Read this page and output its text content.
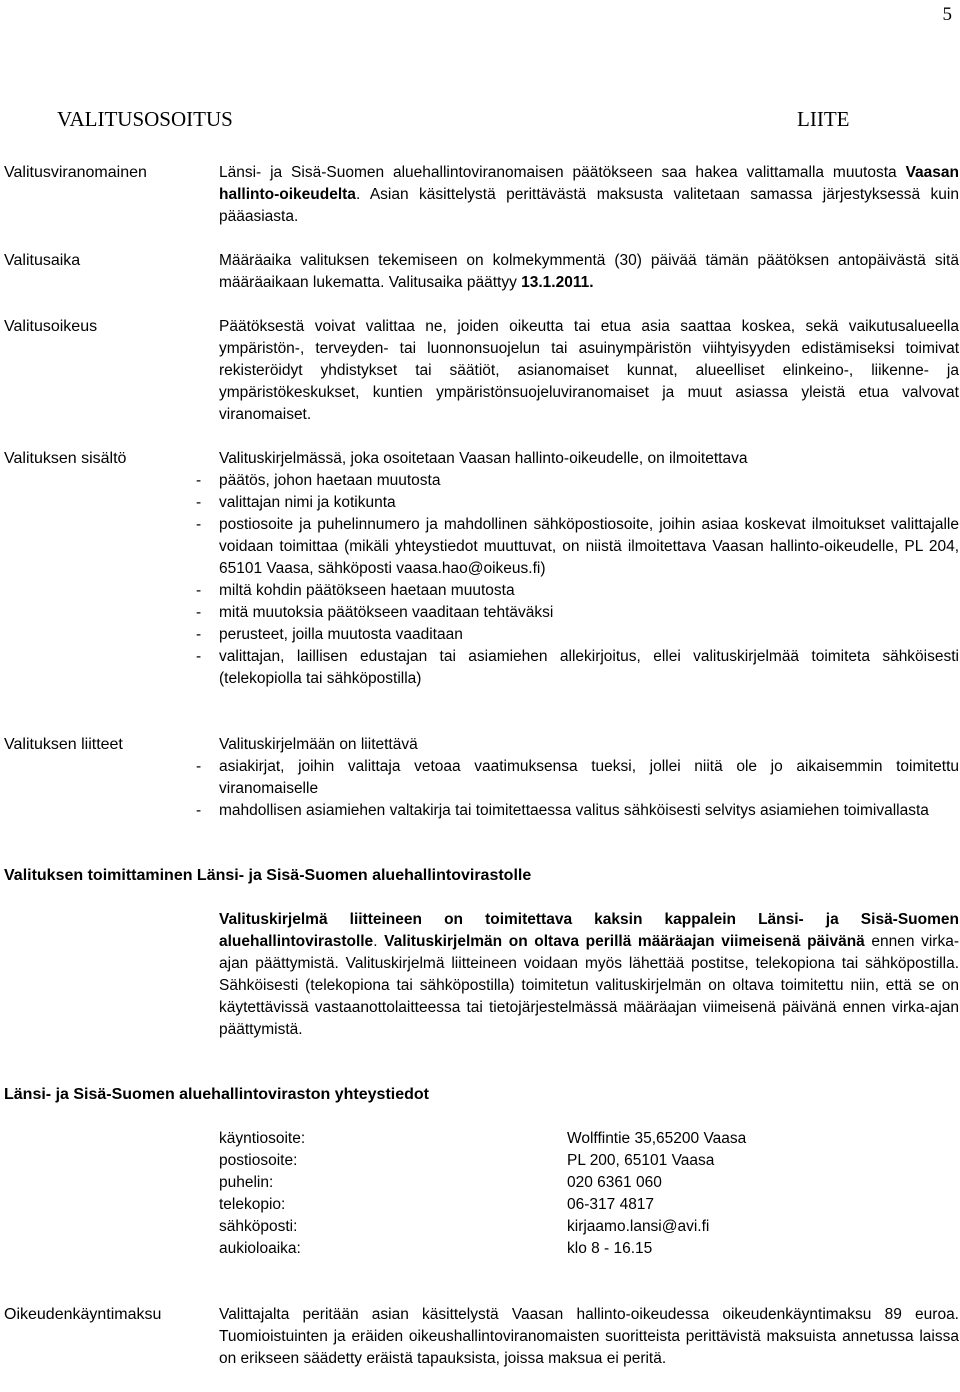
5
VALITUSOSOITUS	LIITE
Valitusviranomainen	Länsi- ja Sisä-Suomen aluehallintoviranomaisen päätökseen saa hakea valittamalla muutosta Vaasan hallinto-oikeudelta. Asian käsittelystä perittävästä maksusta valitetaan samassa järjestyksessä kuin pääasiasta.

Valitusaika	Määräaika valituksen tekemiseen on kolmekymmentä (30) päivää tämän päätöksen antopäivästä sitä määräaikaan lukematta. Valitusaika päättyy 13.1.2011.

Valitusoikeus	Päätöksestä voivat valittaa ne, joiden oikeutta tai etua asia saattaa koskea, sekä vaikutusalueella ympäristön-, terveyden- tai luonnonsuojelun tai asuinympäristön viihtyisyyden edistämiseksi toimivat rekisteröidyt yhdistykset tai säätiöt, asianomaiset kunnat, alueelliset elinkeino-, liikenne- ja ympäristökeskukset, kuntien ympäristönsuojeluviranomaiset ja muut asiassa yleistä etua valvovat viranomaiset.
Valituksen sisältö	Valituskirjelmässä, joka osoitetaan Vaasan hallinto-oikeudelle, on ilmoitettava
-	päätös, johon haetaan muutosta
-	valittajan nimi ja kotikunta
-	postiosoite ja puhelinnumero ja mahdollinen sähköpostiosoite, joihin asiaa koskevat ilmoitukset valittajalle voidaan toimittaa (mikäli yhteystiedot muuttuvat, on niistä ilmoitettava Vaasan hallinto-oikeudelle, PL 204, 65101 Vaasa, sähköposti vaasa.hao@oikeus.fi)
-	miltä kohdin päätökseen haetaan muutosta
-	mitä muutoksia päätökseen vaaditaan tehtäväksi
-	perusteet, joilla muutosta vaaditaan
-	valittajan, laillisen edustajan tai asiamiehen allekirjoitus, ellei valituskirjelmää toimiteta sähköisesti (telekopiolla tai sähköpostilla)
Valituksen liitteet	Valituskirjelmään on liitettävä
-	asiakirjat, joihin valittaja vetoaa vaatimuksensa tueksi, jollei niitä ole jo aikaisemmin toimitettu viranomaiselle
-	mahdollisen asiamiehen valtakirja tai toimitettaessa valitus sähköisesti selvitys asiamiehen toimivallasta
Valituksen toimittaminen Länsi- ja Sisä-Suomen aluehallintovirastolle

Valituskirjelmä liitteineen on toimitettava kaksin kappalein Länsi- ja Sisä-Suomen aluehallintovirastolle. Valituskirjelmän on oltava perillä määräajan viimeisenä päivänä ennen virka-ajan päättymistä. Valituskirjelmä liitteineen voidaan myös lähettää postitse, telekopiona tai sähköpostilla. Sähköisesti (telekopiona tai sähköpostilla) toimitetun valituskirjelmän on oltava toimitettu niin, että se on käytettävissä vastaanottolaitteessa tai tietojärjestelmässä määräajan viimeisenä päivänä ennen virka-ajan päättymistä.

Länsi- ja Sisä-Suomen aluehallintoviraston yhteystiedot
käyntiosoite:	Wolffintie 35,65200 Vaasa
postiosoite:	PL 200, 65101 Vaasa
puhelin:	020 6361 060
telekopio:	06-317 4817
sähköposti:	kirjaamo.lansi@avi.fi
aukioloaika:	klo 8 - 16.15
Oikeudenkäyntimaksu	Valittajalta peritään asian käsittelystä Vaasan hallinto-oikeudessa oikeudenkäyntimaksu 89 euroa. Tuomioistuinten ja eräiden oikeushallintoviranomaisten suoritteista perittävistä maksuista annetussa laissa on erikseen säädetty eräistä tapauksista, joissa maksua ei peritä.
